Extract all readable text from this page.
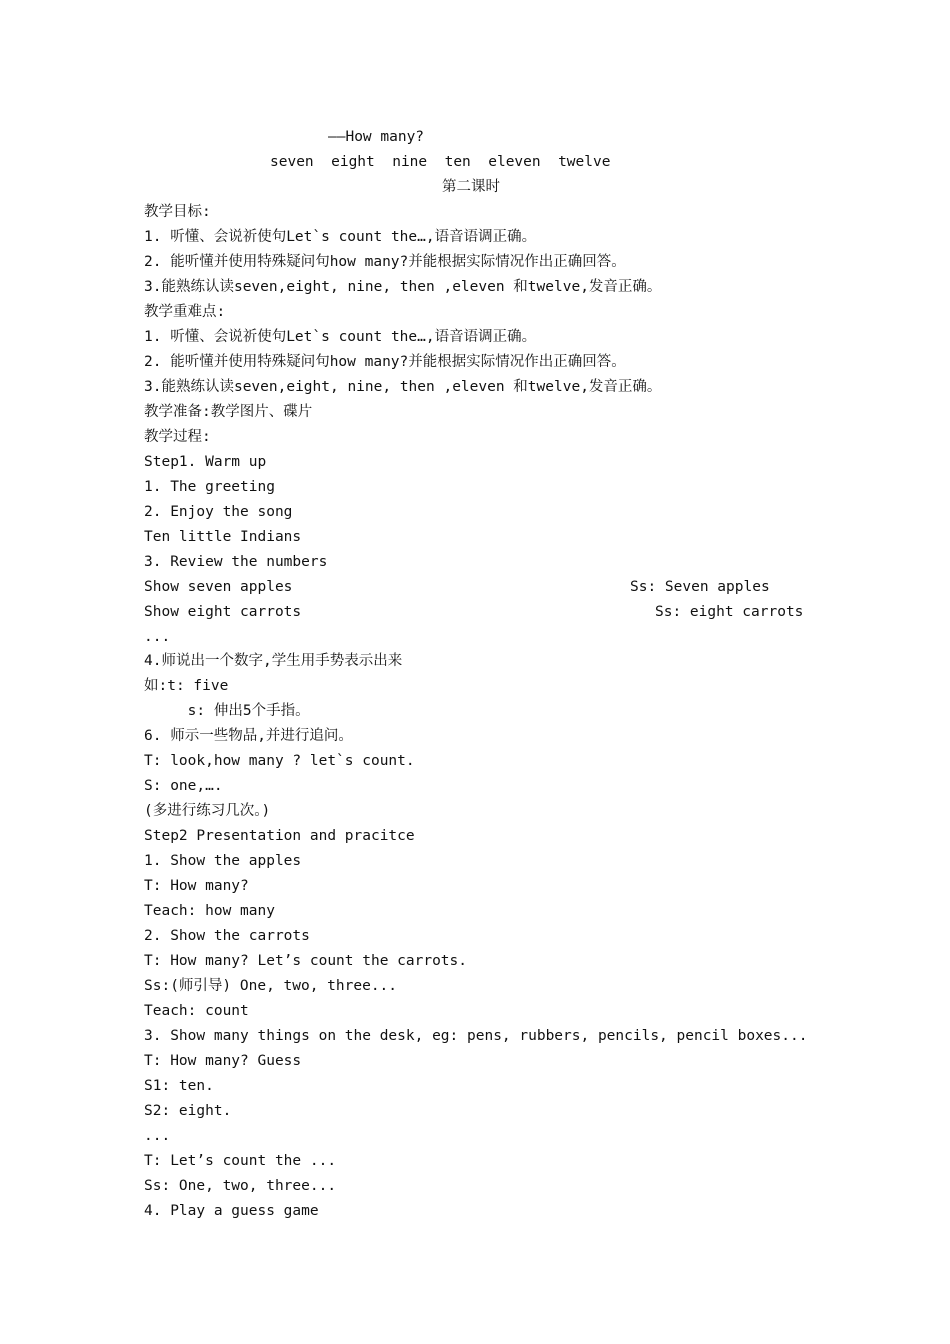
——How many?
seven  eight  nine  ten  eleven  twelve
第二课时
教学目标:
1. 听懂、会说祈使句Let`s count the…,语音语调正确。
2. 能听懂并使用特殊疑问句how many?并能根据实际情况作出正确回答。
3.能熟练认读seven,eight, nine, then ,eleven 和twelve,发音正确。
教学重难点:
1. 听懂、会说祈使句Let`s count the…,语音语调正确。
2. 能听懂并使用特殊疑问句how many?并能根据实际情况作出正确回答。
3.能熟练认读seven,eight, nine, then ,eleven 和twelve,发音正确。
教学准备:教学图片、碟片
教学过程:
Step1. Warm up
1. The greeting
2. Enjoy the song
Ten little Indians
3. Review the numbers
Show seven apples	Ss: Seven apples
Show eight carrots	Ss: eight carrots
...
4.师说出一个数字,学生用手势表示出来
如:t: five
s: 伸出5个手指。
6. 师示一些物品,并进行追问。
T: look,how many ? let`s count.
S: one,….
(多进行练习几次。)
Step2 Presentation and pracitce
1. Show the apples
T: How many?
Teach: how many
2. Show the carrots
T: How many? Let’s count the carrots.
Ss:(师引导) One, two, three...
Teach: count
3. Show many things on the desk, eg: pens, rubbers, pencils, pencil boxes...
T: How many? Guess
S1: ten.
S2: eight.
...
T: Let’s count the ...
Ss: One, two, three...
4. Play a guess game
